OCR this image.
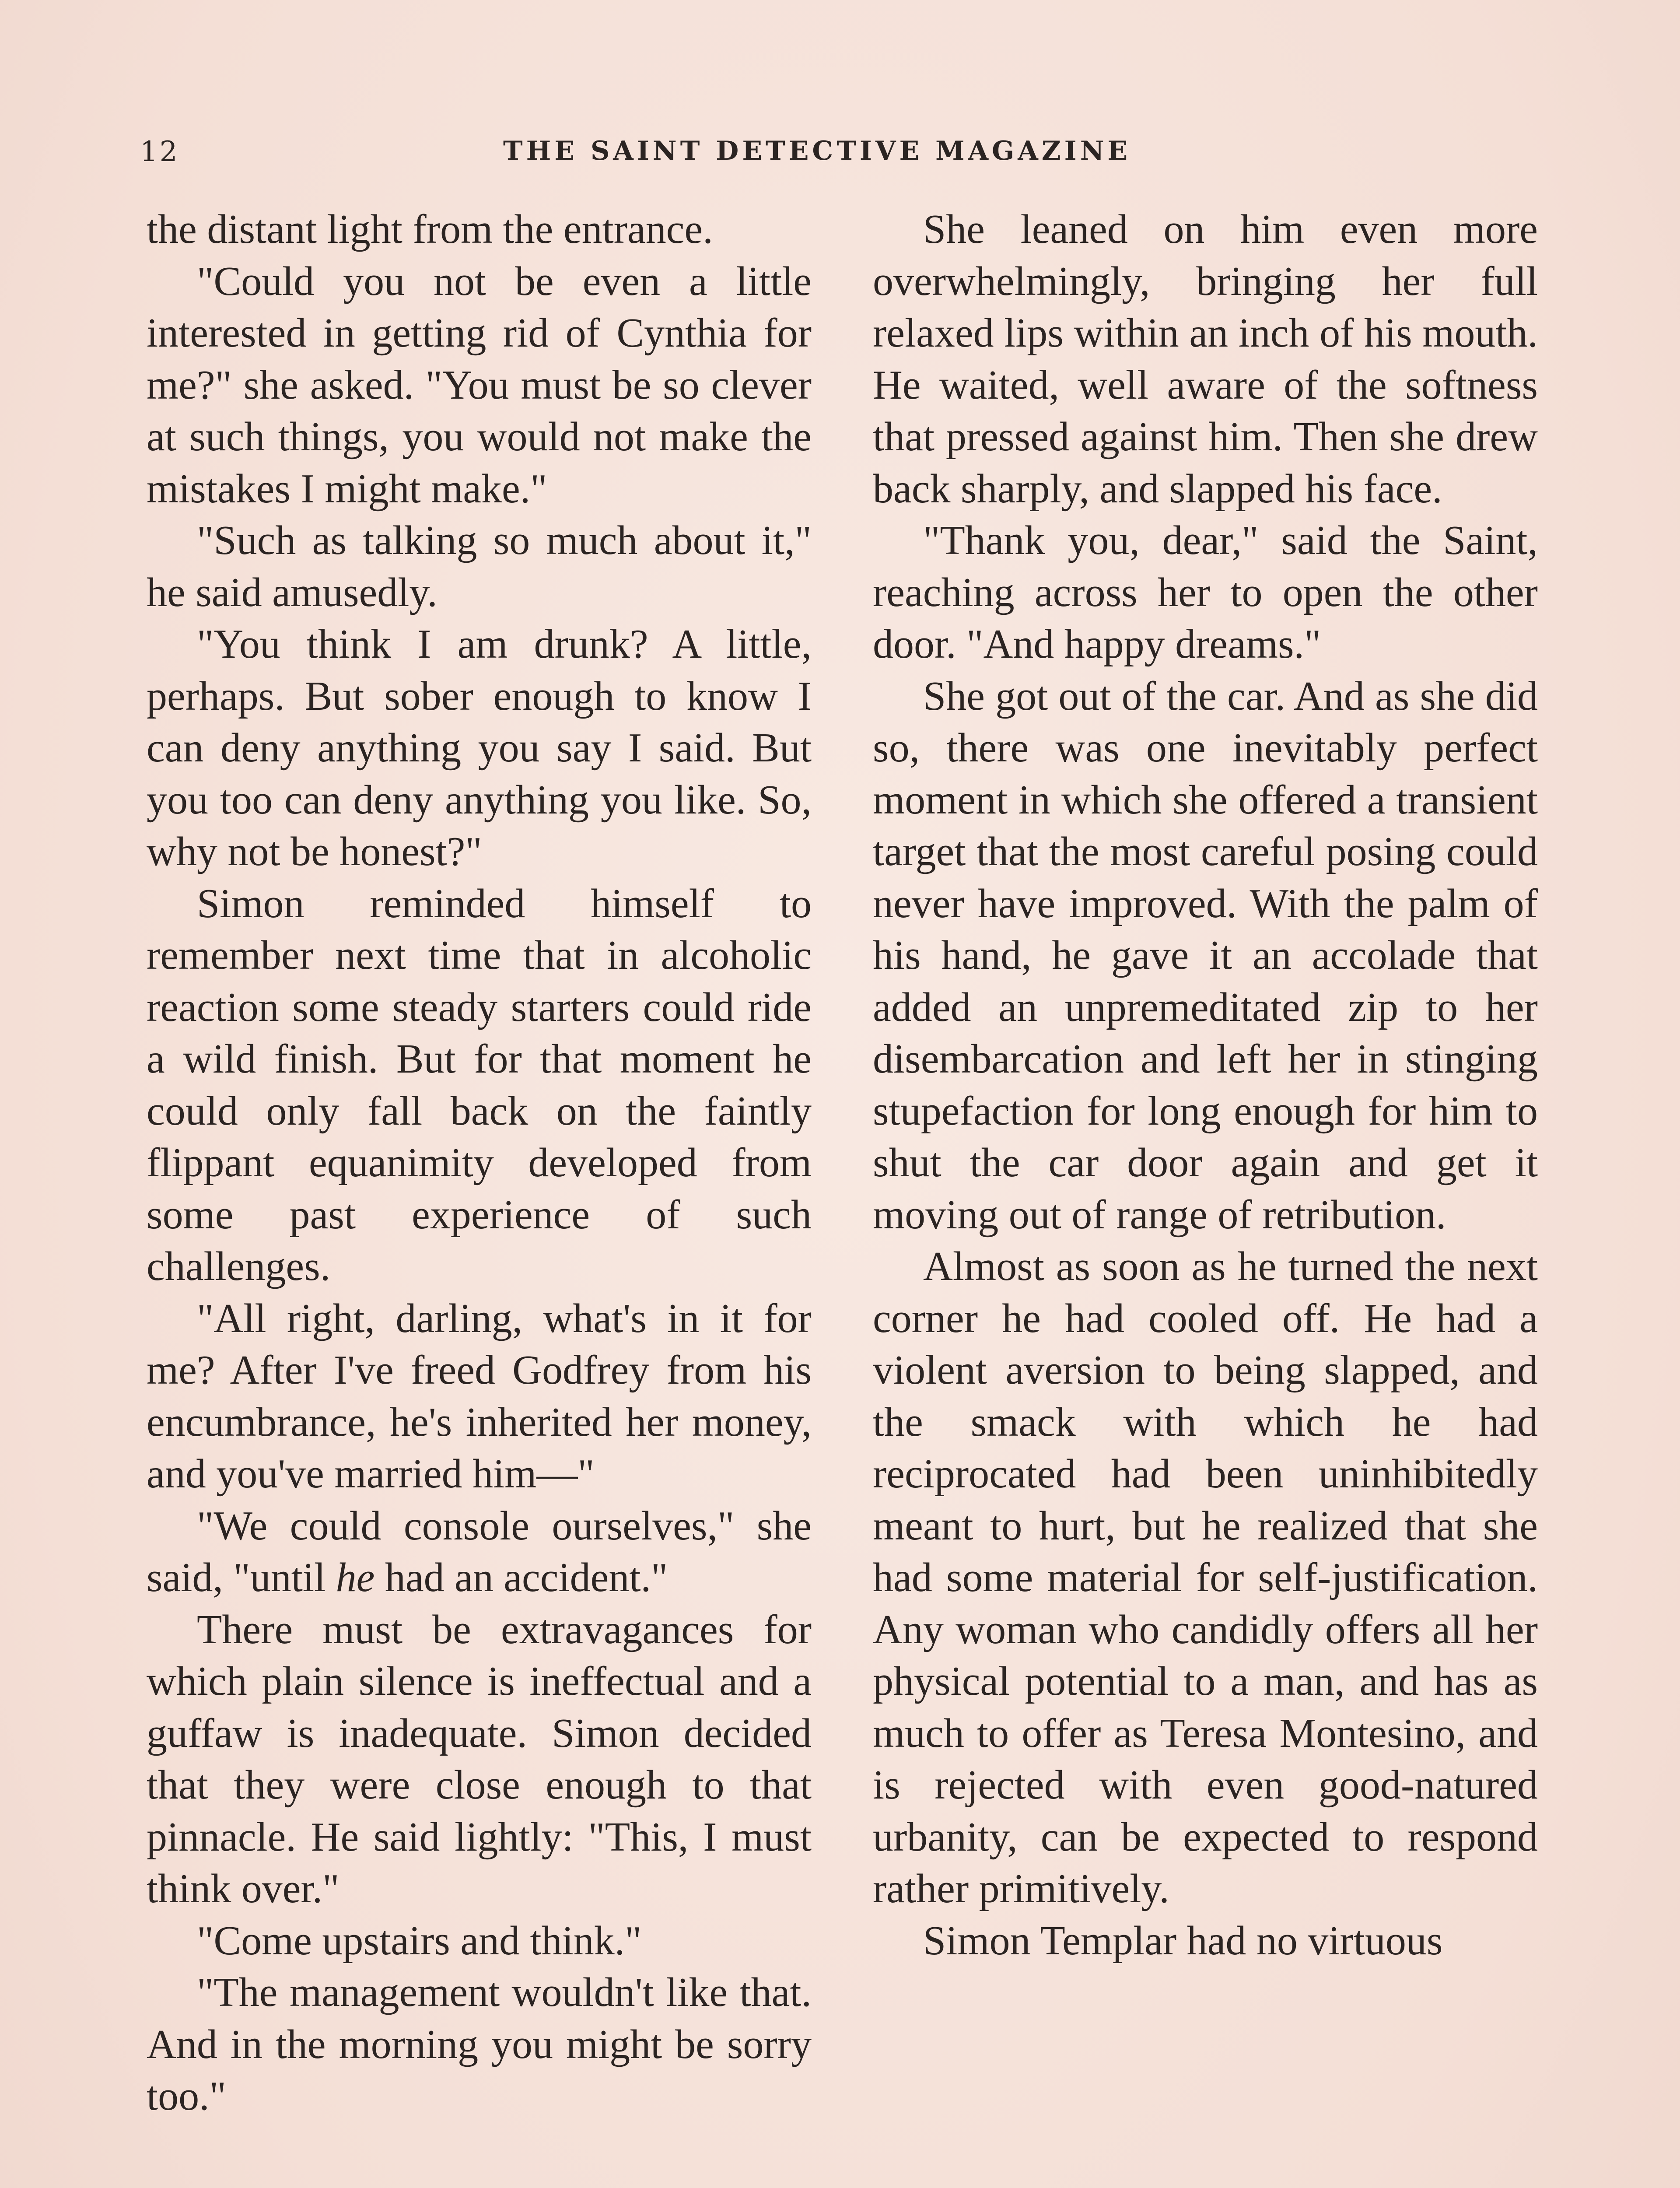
12	THE SAINT DETECTIVE MAGAZINE

the distant light from the entrance.

"Could you not be even a little interested in getting rid of Cynthia for me?" she asked. "You must be so clever at such things, you would not make the mistakes I might make."

"Such as talking so much about it," he said amusedly.

"You think I am drunk? A little, perhaps. But sober enough to know I can deny anything you say I said. But you too can deny anything you like. So, why not be honest?"

Simon reminded himself to remember next time that in alcoholic reaction some steady starters could ride a wild finish. But for that moment he could only fall back on the faintly flippant equanimity developed from some past experience of such challenges.

"All right, darling, what's in it for me? After I've freed Godfrey from his encumbrance, he's inherited her money, and you've married him—"

"We could console ourselves," she said, "until he had an accident."

There must be extravagances for which plain silence is ineffectual and a guffaw is inadequate. Simon decided that they were close enough to that pinnacle. He said lightly: "This, I must think over."

"Come upstairs and think."

"The management wouldn't like that. And in the morning you might be sorry too."

She leaned on him even more overwhelmingly, bringing her full relaxed lips within an inch of his mouth. He waited, well aware of the softness that pressed against him. Then she drew back sharply, and slapped his face.

"Thank you, dear," said the Saint, reaching across her to open the other door. "And happy dreams."

She got out of the car. And as she did so, there was one inevitably perfect moment in which she offered a transient target that the most careful posing could never have improved. With the palm of his hand, he gave it an accolade that added an unpremeditated zip to her disembarcation and left her in stinging stupefaction for long enough for him to shut the car door again and get it moving out of range of retribution.

Almost as soon as he turned the next corner he had cooled off. He had a violent aversion to being slapped, and the smack with which he had reciprocated had been uninhibitedly meant to hurt, but he realized that she had some material for self-justification. Any woman who candidly offers all her physical potential to a man, and has as much to offer as Teresa Montesino, and is rejected with even good-natured urbanity, can be expected to respond rather primitively.

Simon Templar had no virtuous
